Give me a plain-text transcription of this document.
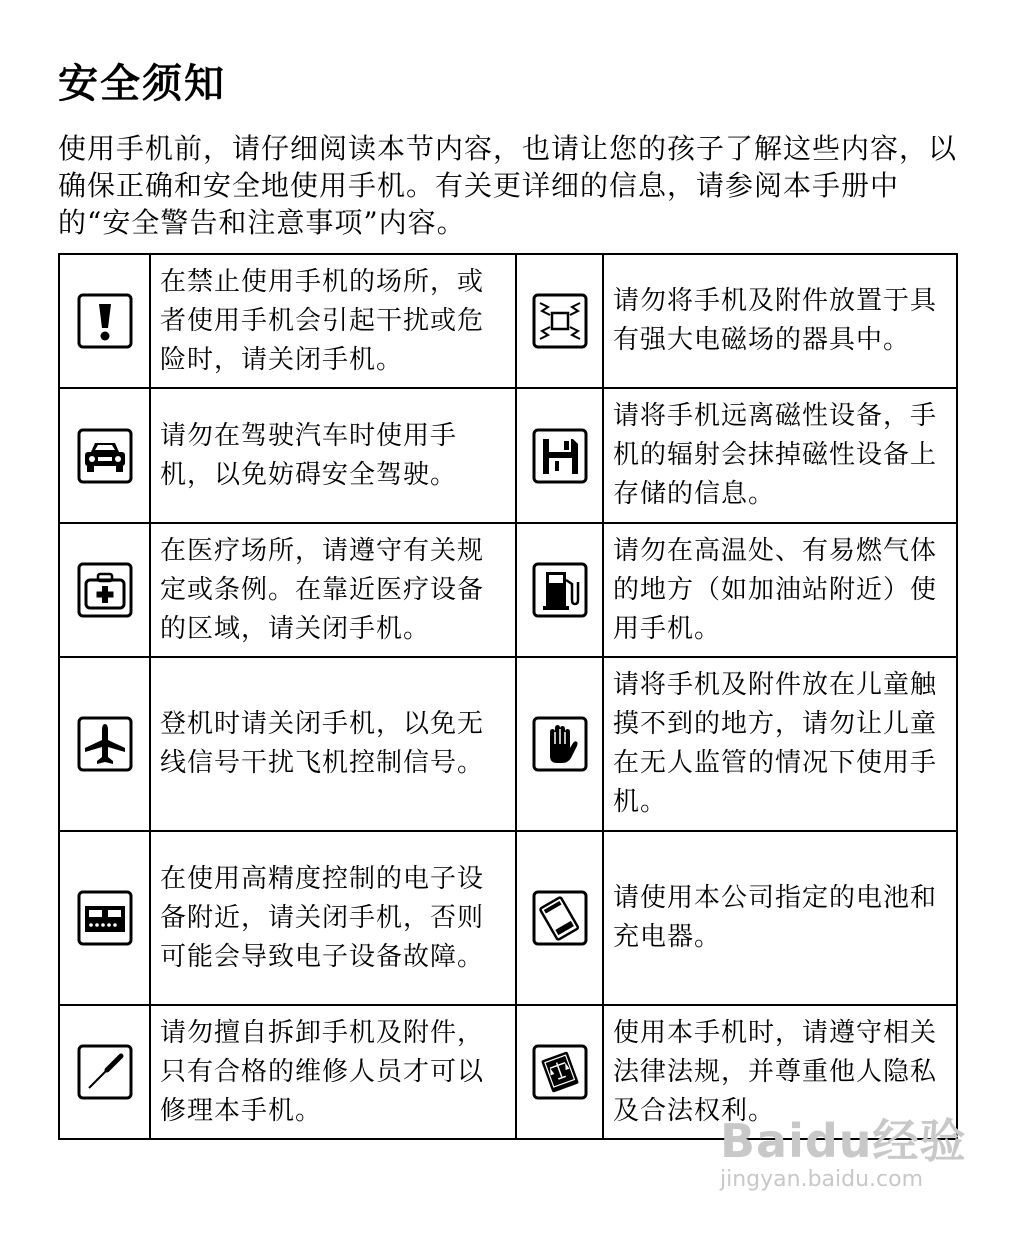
安全须知
使用手机前，请仔细阅读本节内容，也请让您的孩子了解这些内容，以确保正确和安全地使用手机。有关更详细的信息，请参阅本手册中的“安全警告和注意事项”内容。
	在禁止使用手机的场所，或者使用手机会引起干扰或危险时，请关闭手机。		请勿将手机及附件放置于具有强大电磁场的器具中。

	请勿在驾驶汽车时使用手机，以免妨碍安全驾驶。		请将手机远离磁性设备，手机的辐射会抹掉磁性设备上存储的信息。

	在医疗场所，请遵守有关规定或条例。在靠近医疗设备的区域，请关闭手机。		请勿在高温处、有易燃气体的地方（如加油站附近）使用手机。

	登机时请关闭手机，以免无线信号干扰飞机控制信号。		请将手机及附件放在儿童触摸不到的地方，请勿让儿童在无人监管的情况下使用手机。

	在使用高精度控制的电子设备附近，请关闭手机，否则可能会导致电子设备故障。		请使用本公司指定的电池和充电器。

	请勿擅自拆卸手机及附件，只有合格的维修人员才可以修理本手机。		使用本手机时，请遵守相关法律法规，并尊重他人隐私及合法权利。
Baidu经验
jingyan.baidu.com
